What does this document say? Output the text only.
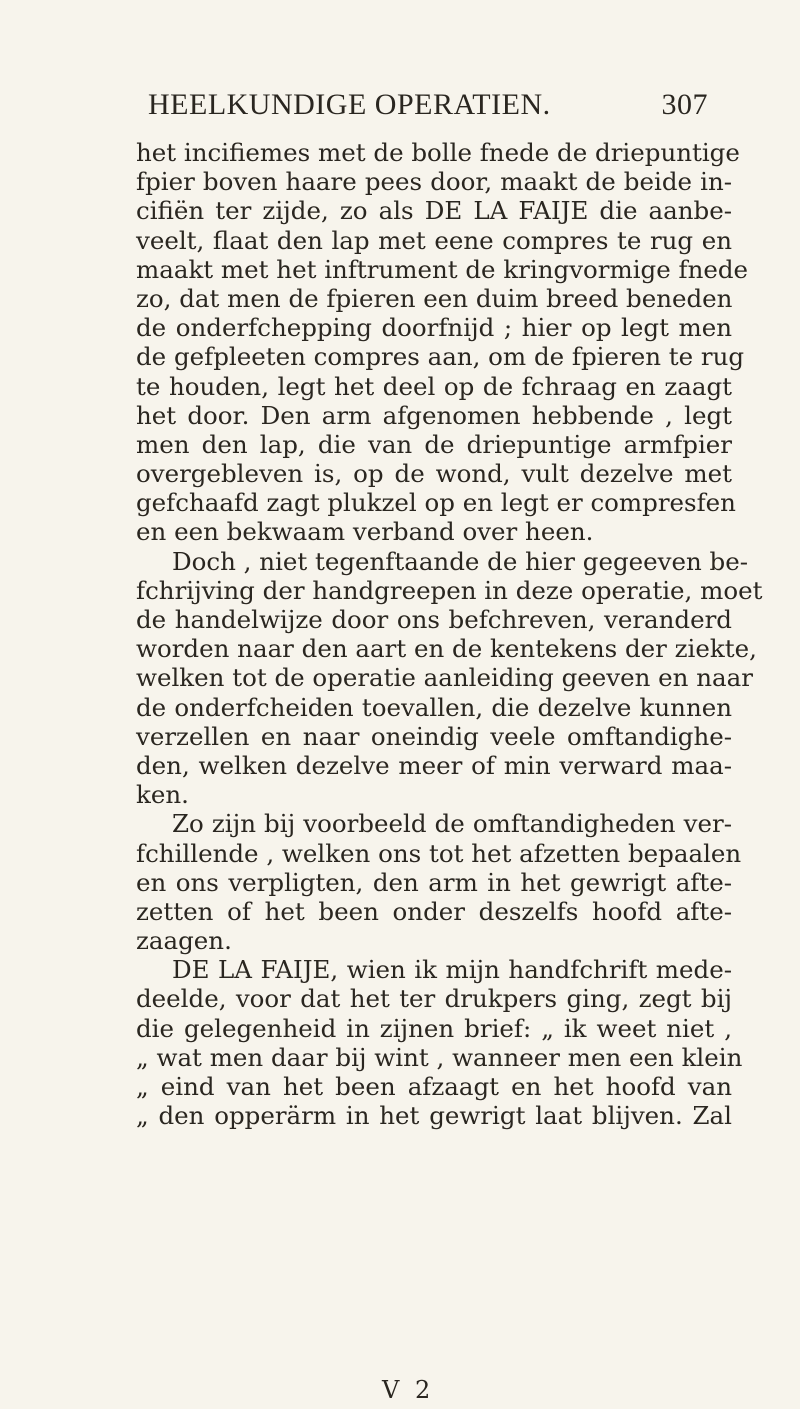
HEELKUNDIGE OPERATIEN.	307
het incifiemes met de bolle fnede de driepuntige
fpier boven haare pees door, maakt de beide in-
cifiën ter zijde, zo als DE LA FAIJE die aanbe-
veelt, flaat den lap met eene compres te rug en
maakt met het inftrument de kringvormige fnede
zo, dat men de fpieren een duim breed beneden
de onderfchepping doorfnijd ; hier op legt men
de gefpleeten compres aan, om de fpieren te rug
te houden, legt het deel op de fchraag en zaagt
het door. Den arm afgenomen hebbende , legt
men den lap, die van de driepuntige armfpier
overgebleven is, op de wond, vult dezelve met
gefchaafd zagt plukzel op en legt er compresfen
en een bekwaam verband over heen.
Doch , niet tegenftaande de hier gegeeven be-
fchrijving der handgreepen in deze operatie, moet
de handelwijze door ons befchreven, veranderd
worden naar den aart en de kentekens der ziekte,
welken tot de operatie aanleiding geeven en naar
de onderfcheiden toevallen, die dezelve kunnen
verzellen en naar oneindig veele omftandighe-
den, welken dezelve meer of min verward maa-
ken.
Zo zijn bij voorbeeld de omftandigheden ver-
fchillende , welken ons tot het afzetten bepaalen
en ons verpligten, den arm in het gewrigt afte-
zetten of het been onder deszelfs hoofd afte-
zaagen.
DE LA FAIJE, wien ik mijn handfchrift mede-
deelde, voor dat het ter drukpers ging, zegt bij
die gelegenheid in zijnen brief: „ ik weet niet ,
„ wat men daar bij wint , wanneer men een klein
„ eind van het been afzaagt en het hoofd van
„ den opperärm in het gewrigt laat blijven. Zal
V 2
